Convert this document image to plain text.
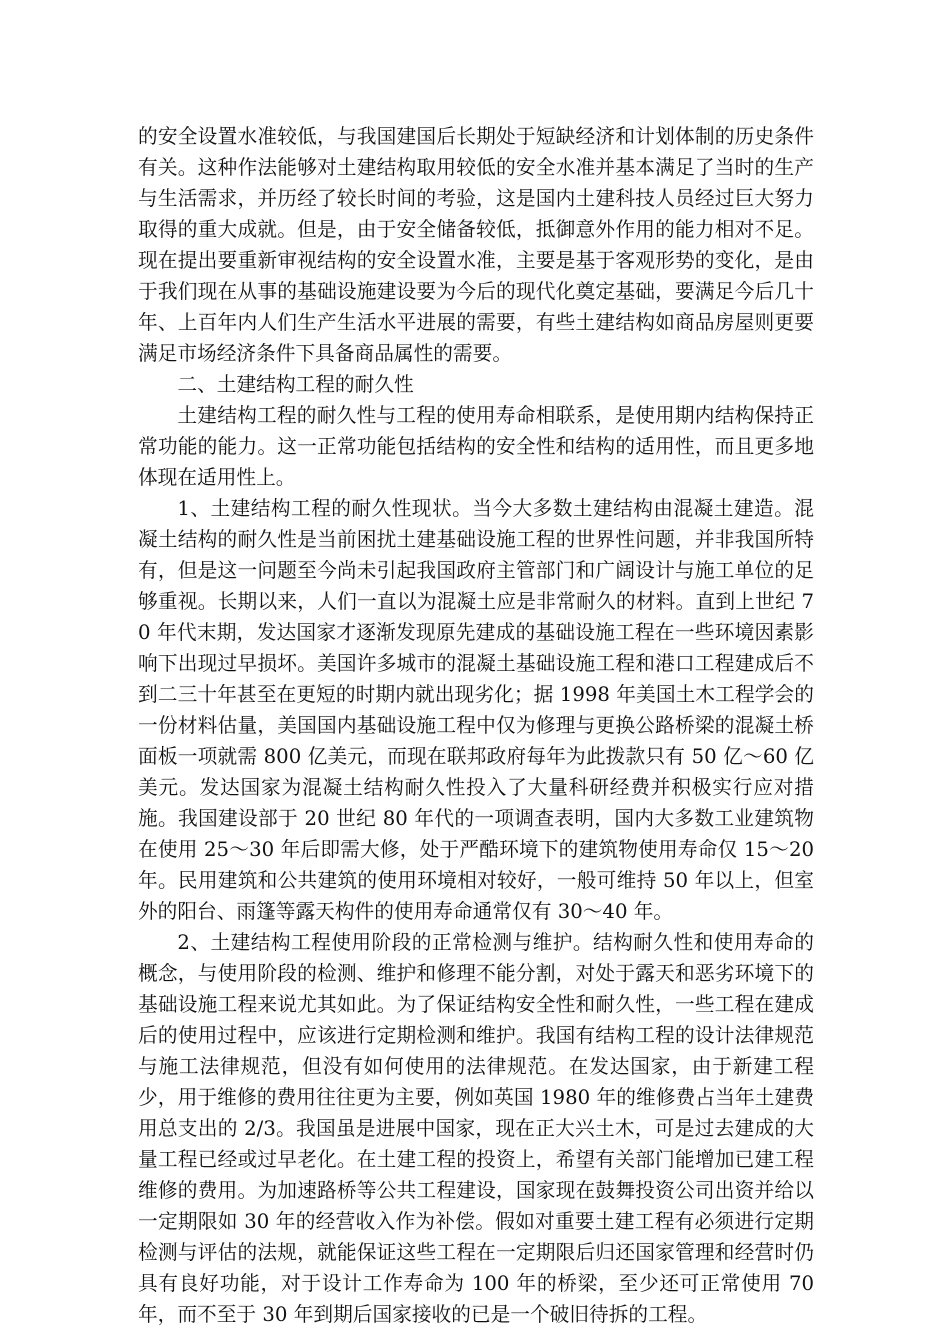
的安全设置水准较低，与我国建国后长期处于短缺经济和计划体制的历史条件有关。这种作法能够对土建结构取用较低的安全水准并基本满足了当时的生产与生活需求，并历经了较长时间的考验，这是国内土建科技人员经过巨大努力取得的重大成就。但是，由于安全储备较低，抵御意外作用的能力相对不足。现在提出要重新审视结构的安全设置水准，主要是基于客观形势的变化，是由于我们现在从事的基础设施建设要为今后的现代化奠定基础，要满足今后几十年、上百年内人们生产生活水平进展的需要，有些土建结构如商品房屋则更要满足市场经济条件下具备商品属性的需要。

二、土建结构工程的耐久性

土建结构工程的耐久性与工程的使用寿命相联系，是使用期内结构保持正常功能的能力。这一正常功能包括结构的安全性和结构的适用性，而且更多地体现在适用性上。

1、土建结构工程的耐久性现状。当今大多数土建结构由混凝土建造。混凝土结构的耐久性是当前困扰土建基础设施工程的世界性问题，并非我国所特有，但是这一问题至今尚未引起我国政府主管部门和广阔设计与施工单位的足够重视。长期以来，人们一直以为混凝土应是非常耐久的材料。直到上世纪 70 年代末期，发达国家才逐渐发现原先建成的基础设施工程在一些环境因素影响下出现过早损坏。美国许多城市的混凝土基础设施工程和港口工程建成后不到二三十年甚至在更短的时期内就出现劣化；据 1998 年美国土木工程学会的一份材料估量，美国国内基础设施工程中仅为修理与更换公路桥梁的混凝土桥面板一项就需 800 亿美元，而现在联邦政府每年为此拨款只有 50 亿～60 亿美元。发达国家为混凝土结构耐久性投入了大量科研经费并积极实行应对措施。我国建设部于 20 世纪 80 年代的一项调查表明，国内大多数工业建筑物在使用 25～30 年后即需大修，处于严酷环境下的建筑物使用寿命仅 15～20 年。民用建筑和公共建筑的使用环境相对较好，一般可维持 50 年以上，但室外的阳台、雨篷等露天构件的使用寿命通常仅有 30～40 年。

2、土建结构工程使用阶段的正常检测与维护。结构耐久性和使用寿命的概念，与使用阶段的检测、维护和修理不能分割，对处于露天和恶劣环境下的基础设施工程来说尤其如此。为了保证结构安全性和耐久性，一些工程在建成后的使用过程中，应该进行定期检测和维护。我国有结构工程的设计法律规范与施工法律规范，但没有如何使用的法律规范。在发达国家，由于新建工程少，用于维修的费用往往更为主要，例如英国 1980 年的维修费占当年土建费用总支出的 2/3。我国虽是进展中国家，现在正大兴土木，可是过去建成的大量工程已经或过早老化。在土建工程的投资上，希望有关部门能增加已建工程维修的费用。为加速路桥等公共工程建设，国家现在鼓舞投资公司出资并给以一定期限如 30 年的经营收入作为补偿。假如对重要土建工程有必须进行定期检测与评估的法规，就能保证这些工程在一定期限后归还国家管理和经营时仍具有良好功能，对于设计工作寿命为 100 年的桥梁，至少还可正常使用 70 年，而不至于 30 年到期后国家接收的已是一个破旧待拆的工程。
